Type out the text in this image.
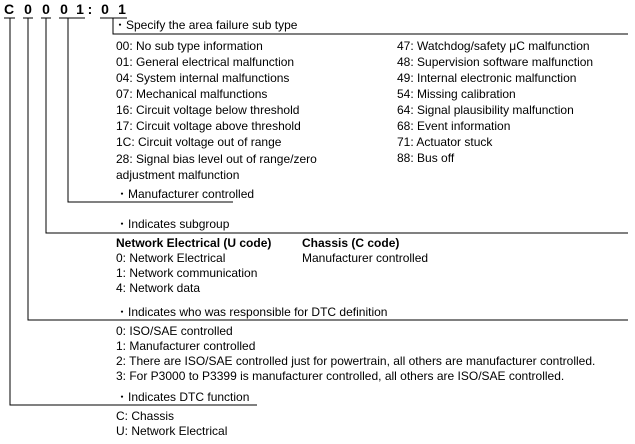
C 0 0 0 1 : 0 1
・Specify the area failure sub type
00: No sub type information
01: General electrical malfunction
04: System internal malfunctions
07: Mechanical malfunctions
16: Circuit voltage below threshold
17: Circuit voltage above threshold
1C: Circuit voltage out of range
28: Signal bias level out of range/zero adjustment malfunction
47: Watchdog/safety μC malfunction
48: Supervision software malfunction
49: Internal electronic malfunction
54: Missing calibration
64: Signal plausibility malfunction
68: Event information
71: Actuator stuck
88: Bus off
・Manufacturer controlled
・Indicates subgroup
Network Electrical (U code)
0: Network Electrical
1: Network communication
4: Network data
Chassis (C code)
Manufacturer controlled
・Indicates who was responsible for DTC definition
0: ISO/SAE controlled
1: Manufacturer controlled
2: There are ISO/SAE controlled just for powertrain, all others are manufacturer controlled.
3: For P3000 to P3399 is manufacturer controlled, all others are ISO/SAE controlled.
・Indicates DTC function
C: Chassis
U: Network Electrical
